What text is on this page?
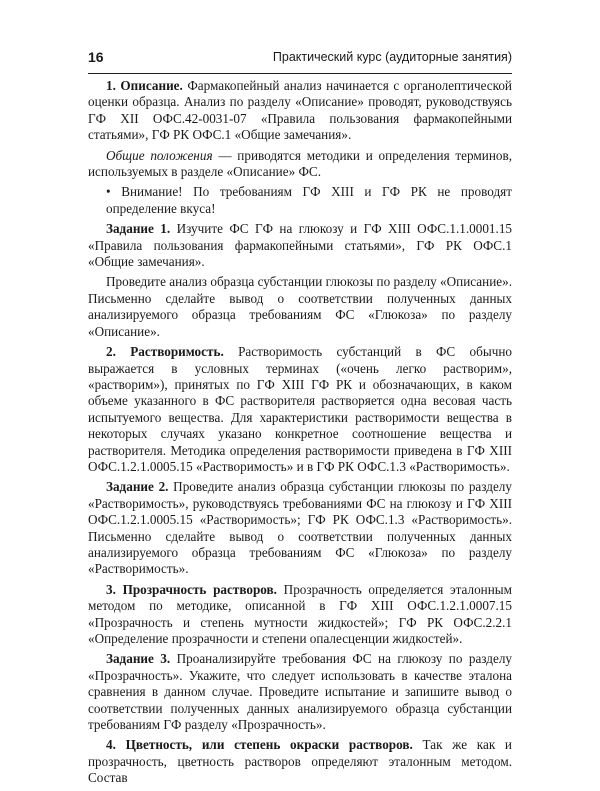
16	Практический курс (аудиторные занятия)

1. Описание. Фармакопейный анализ начинается с органолептической оценки образца. Анализ по разделу «Описание» проводят, руководствуясь ГФ XII ОФС.42-0031-07 «Правила пользования фармакопейными статьями», ГФ РК ОФС.1 «Общие замечания».

Общие положения — приводятся методики и определения терминов, используемых в разделе «Описание» ФС.

• Внимание! По требованиям ГФ XIII и ГФ РК не проводят определение вкуса!

Задание 1. Изучите ФС ГФ на глюкозу и ГФ XIII ОФС.1.1.0001.15 «Правила пользования фармакопейными статьями», ГФ РК ОФС.1 «Общие замечания».

Проведите анализ образца субстанции глюкозы по разделу «Описание». Письменно сделайте вывод о соответствии полученных данных анализируемого образца требованиям ФС «Глюкоза» по разделу «Описание».

2. Растворимость. Растворимость субстанций в ФС обычно выражается в условных терминах («очень легко растворим», «растворим»), принятых по ГФ XIII ГФ РК и обозначающих, в каком объеме указанного в ФС растворителя растворяется одна весовая часть испытуемого вещества. Для характеристики растворимости вещества в некоторых случаях указано конкретное соотношение вещества и растворителя. Методика определения растворимости приведена в ГФ XIII ОФС.1.2.1.0005.15 «Растворимость» и в ГФ РК ОФС.1.3 «Растворимость».

Задание 2. Проведите анализ образца субстанции глюкозы по разделу «Растворимость», руководствуясь требованиями ФС на глюкозу и ГФ XIII ОФС.1.2.1.0005.15 «Растворимость»; ГФ РК ОФС.1.3 «Растворимость». Письменно сделайте вывод о соответствии полученных данных анализируемого образца требованиям ФС «Глюкоза» по разделу «Растворимость».

3. Прозрачность растворов. Прозрачность определяется эталонным методом по методике, описанной в ГФ XIII ОФС.1.2.1.0007.15 «Прозрачность и степень мутности жидкостей»; ГФ РК ОФС.2.2.1 «Определение прозрачности и степени опалесценции жидкостей».

Задание 3. Проанализируйте требования ФС на глюкозу по разделу «Прозрачность». Укажите, что следует использовать в качестве эталона сравнения в данном случае. Проведите испытание и запишите вывод о соответствии полученных данных анализируемого образца субстанции требованиям ГФ разделу «Прозрачность».

4. Цветность, или степень окраски растворов. Так же как и прозрачность, цветность растворов определяют эталонным методом. Состав
